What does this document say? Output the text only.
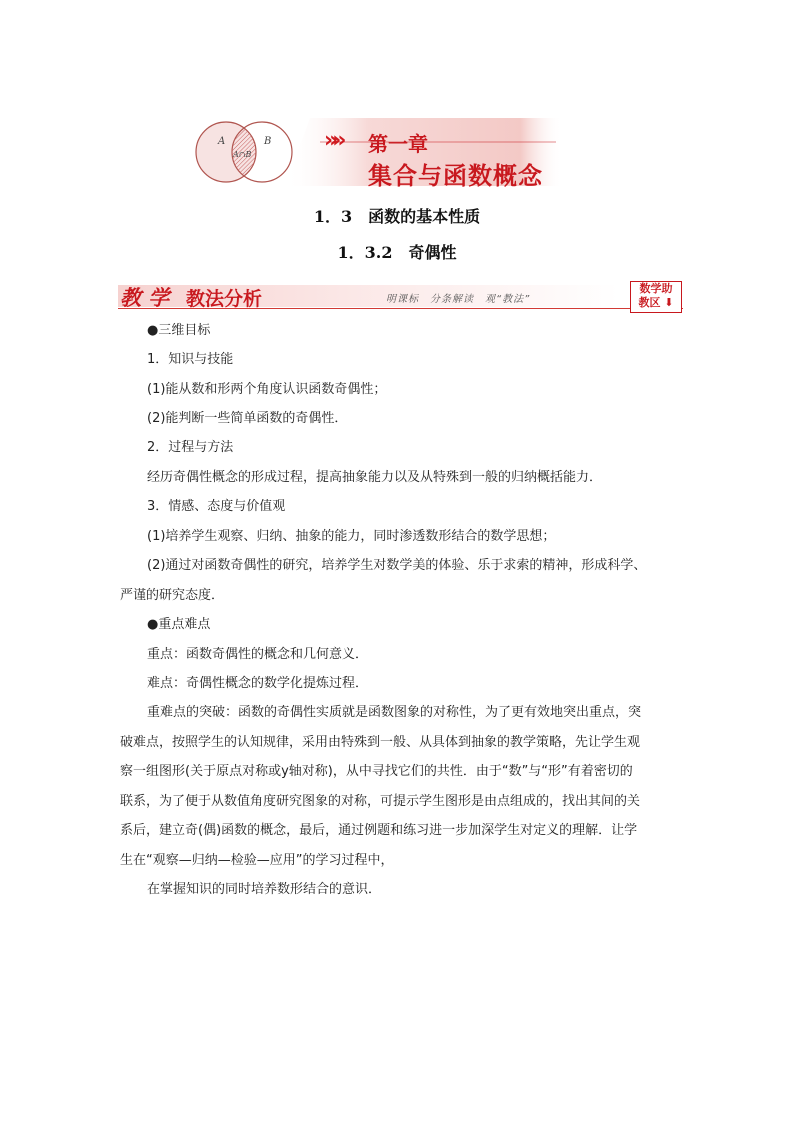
A	B
A∩B
»» 第一章
集合与函数概念
1．3　函数的基本性质
1．3.2　奇偶性
教 学 教法分析	明课标　分条解读　观“教法”
数学助
教区 ⬇
●三维目标
1．知识与技能
(1)能从数和形两个角度认识函数奇偶性；
(2)能判断一些简单函数的奇偶性．
2．过程与方法
经历奇偶性概念的形成过程，提高抽象能力以及从特殊到一般的归纳概括能力．
3．情感、态度与价值观
(1)培养学生观察、归纳、抽象的能力，同时渗透数形结合的数学思想；
(2)通过对函数奇偶性的研究，培养学生对数学美的体验、乐于求索的精神，形成科学、
严谨的研究态度．
●重点难点
重点：函数奇偶性的概念和几何意义．
难点：奇偶性概念的数学化提炼过程．
重难点的突破：函数的奇偶性实质就是函数图象的对称性，为了更有效地突出重点，突
破难点，按照学生的认知规律，采用由特殊到一般、从具体到抽象的教学策略，先让学生观
察一组图形(关于原点对称或y轴对称)，从中寻找它们的共性．由于“数”与“形”有着密切的
联系，为了便于从数值角度研究图象的对称，可提示学生图形是由点组成的，找出其间的关
系后，建立奇(偶)函数的概念，最后，通过例题和练习进一步加深学生对定义的理解．让学
生在“观察—归纳—检验—应用”的学习过程中，
在掌握知识的同时培养数形结合的意识．
